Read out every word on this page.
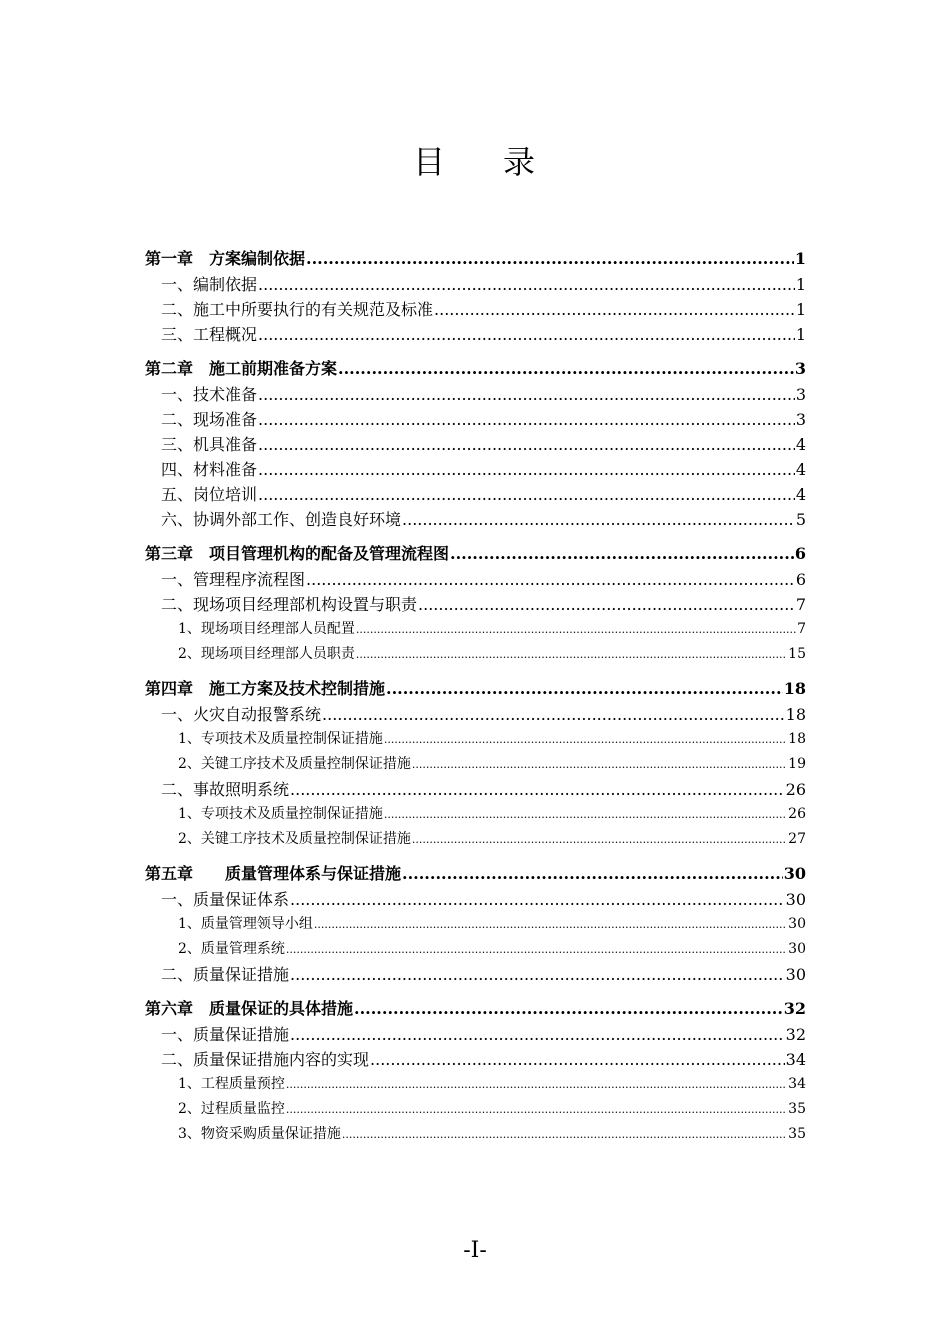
目 录
第一章　方案编制依据 .....	1
一、编制依据 .....	1
二、施工中所要执行的有关规范及标准 .....	1
三、工程概况 .....	1
第二章　施工前期准备方案 .....	3
一、技术准备 .....	3
二、现场准备 .....	3
三、机具准备 .....	4
四、材料准备 .....	4
五、岗位培训 .....	4
六、协调外部工作、创造良好环境 .....	5
第三章　项目管理机构的配备及管理流程图 .....	6
一、管理程序流程图 .....	6
二、现场项目经理部机构设置与职责 .....	7
1、现场项目经理部人员配置 .....	7
2、现场项目经理部人员职责 .....	15
第四章　施工方案及技术控制措施 .....	18
一、火灾自动报警系统 .....	18
1、专项技术及质量控制保证措施 .....	18
2、关键工序技术及质量控制保证措施 .....	19
二、事故照明系统 .....	26
1、专项技术及质量控制保证措施 .....	26
2、关键工序技术及质量控制保证措施 .....	27
第五章　　质量管理体系与保证措施 .....	30
一、质量保证体系 .....	30
1、质量管理领导小组 .....	30
2、质量管理系统 .....	30
二、质量保证措施 .....	30
第六章　质量保证的具体措施 .....	32
一、质量保证措施 .....	32
二、质量保证措施内容的实现 .....	34
1、工程质量预控 .....	34
2、过程质量监控 .....	35
3、物资采购质量保证措施 .....	35
-I-
